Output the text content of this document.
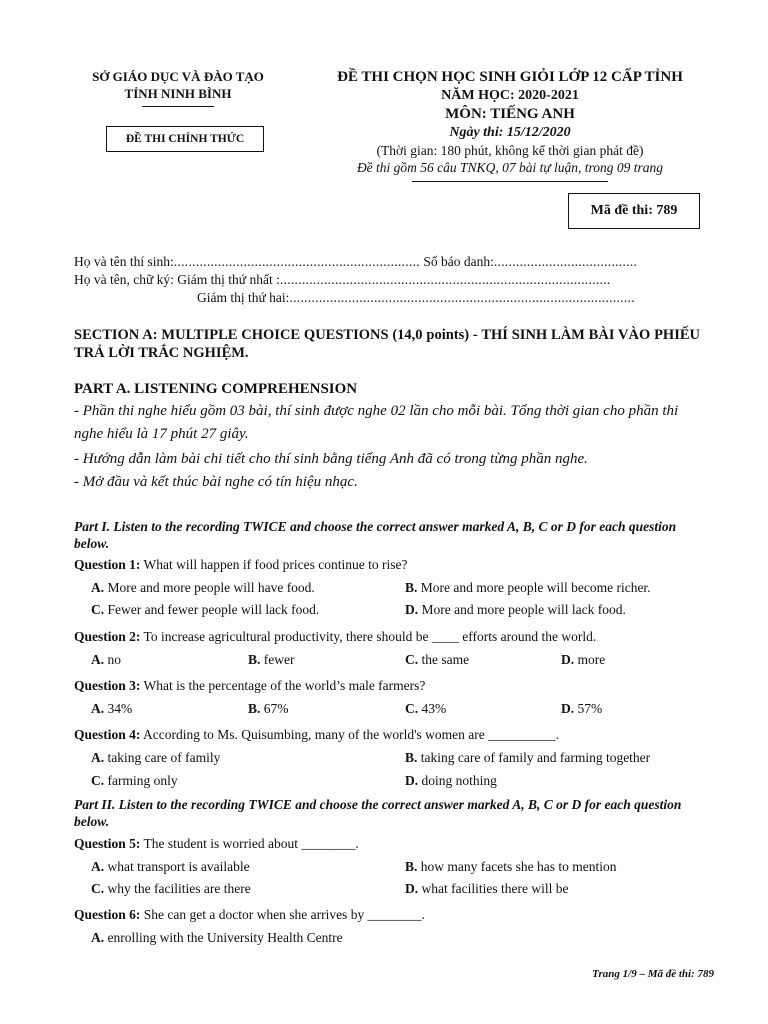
SỞ GIÁO DỤC VÀ ĐÀO TẠO
TỈNH NINH BÌNH
ĐỀ THI CHÍNH THỨC
ĐỀ THI CHỌN HỌC SINH GIỎI LỚP 12 CẤP TỈNH
NĂM HỌC: 2020-2021
MÔN: TIẾNG ANH
Ngày thi: 15/12/2020
(Thời gian: 180 phút, không kể thời gian phát đề)
Đề thi gồm 56 câu TNKQ, 07 bài tự luận, trong 09 trang
Mã đề thi: 789
Họ và tên thí sinh:................................................................... Số báo danh:.......................................
Họ và tên, chữ ký: Giám thị thứ nhất :..........................................................................................
Giám thị thứ hai:..............................................................................................
SECTION A: MULTIPLE CHOICE QUESTIONS (14,0 points) - THÍ SINH LÀM BÀI VÀO PHIẾU TRẢ LỜI TRẮC NGHIỆM.
PART A. LISTENING COMPREHENSION
- Phần thi nghe hiểu gồm 03 bài, thí sinh được nghe 02 lần cho mỗi bài. Tổng thời gian cho phần thi nghe hiểu là 17 phút 27 giây.
- Hướng dẫn làm bài chi tiết cho thí sinh bằng tiếng Anh đã có trong từng phần nghe.
- Mở đầu và kết thúc bài nghe có tín hiệu nhạc.
Part I. Listen to the recording TWICE and choose the correct answer marked A, B, C or D for each question below.
Question 1: What will happen if food prices continue to rise?
A. More and more people will have food.	B. More and more people will become richer.
C. Fewer and fewer people will lack food.	D. More and more people will lack food.
Question 2: To increase agricultural productivity, there should be ____ efforts around the world.
A. no	B. fewer	C. the same	D. more
Question 3: What is the percentage of the world’s male farmers?
A. 34%	B. 67%	C. 43%	D. 57%
Question 4: According to Ms. Quisumbing, many of the world's women are __________.
A. taking care of family	B. taking care of family and farming together
C. farming only	D. doing nothing
Part II. Listen to the recording TWICE and choose the correct answer marked A, B, C or D for each question below.
Question 5: The student is worried about ________.
A. what transport is available	B. how many facets she has to mention
C. why the facilities are there	D. what facilities there will be
Question 6: She can get a doctor when she arrives by ________.
A. enrolling with the University Health Centre
Trang 1/9 – Mã đề thi: 789
